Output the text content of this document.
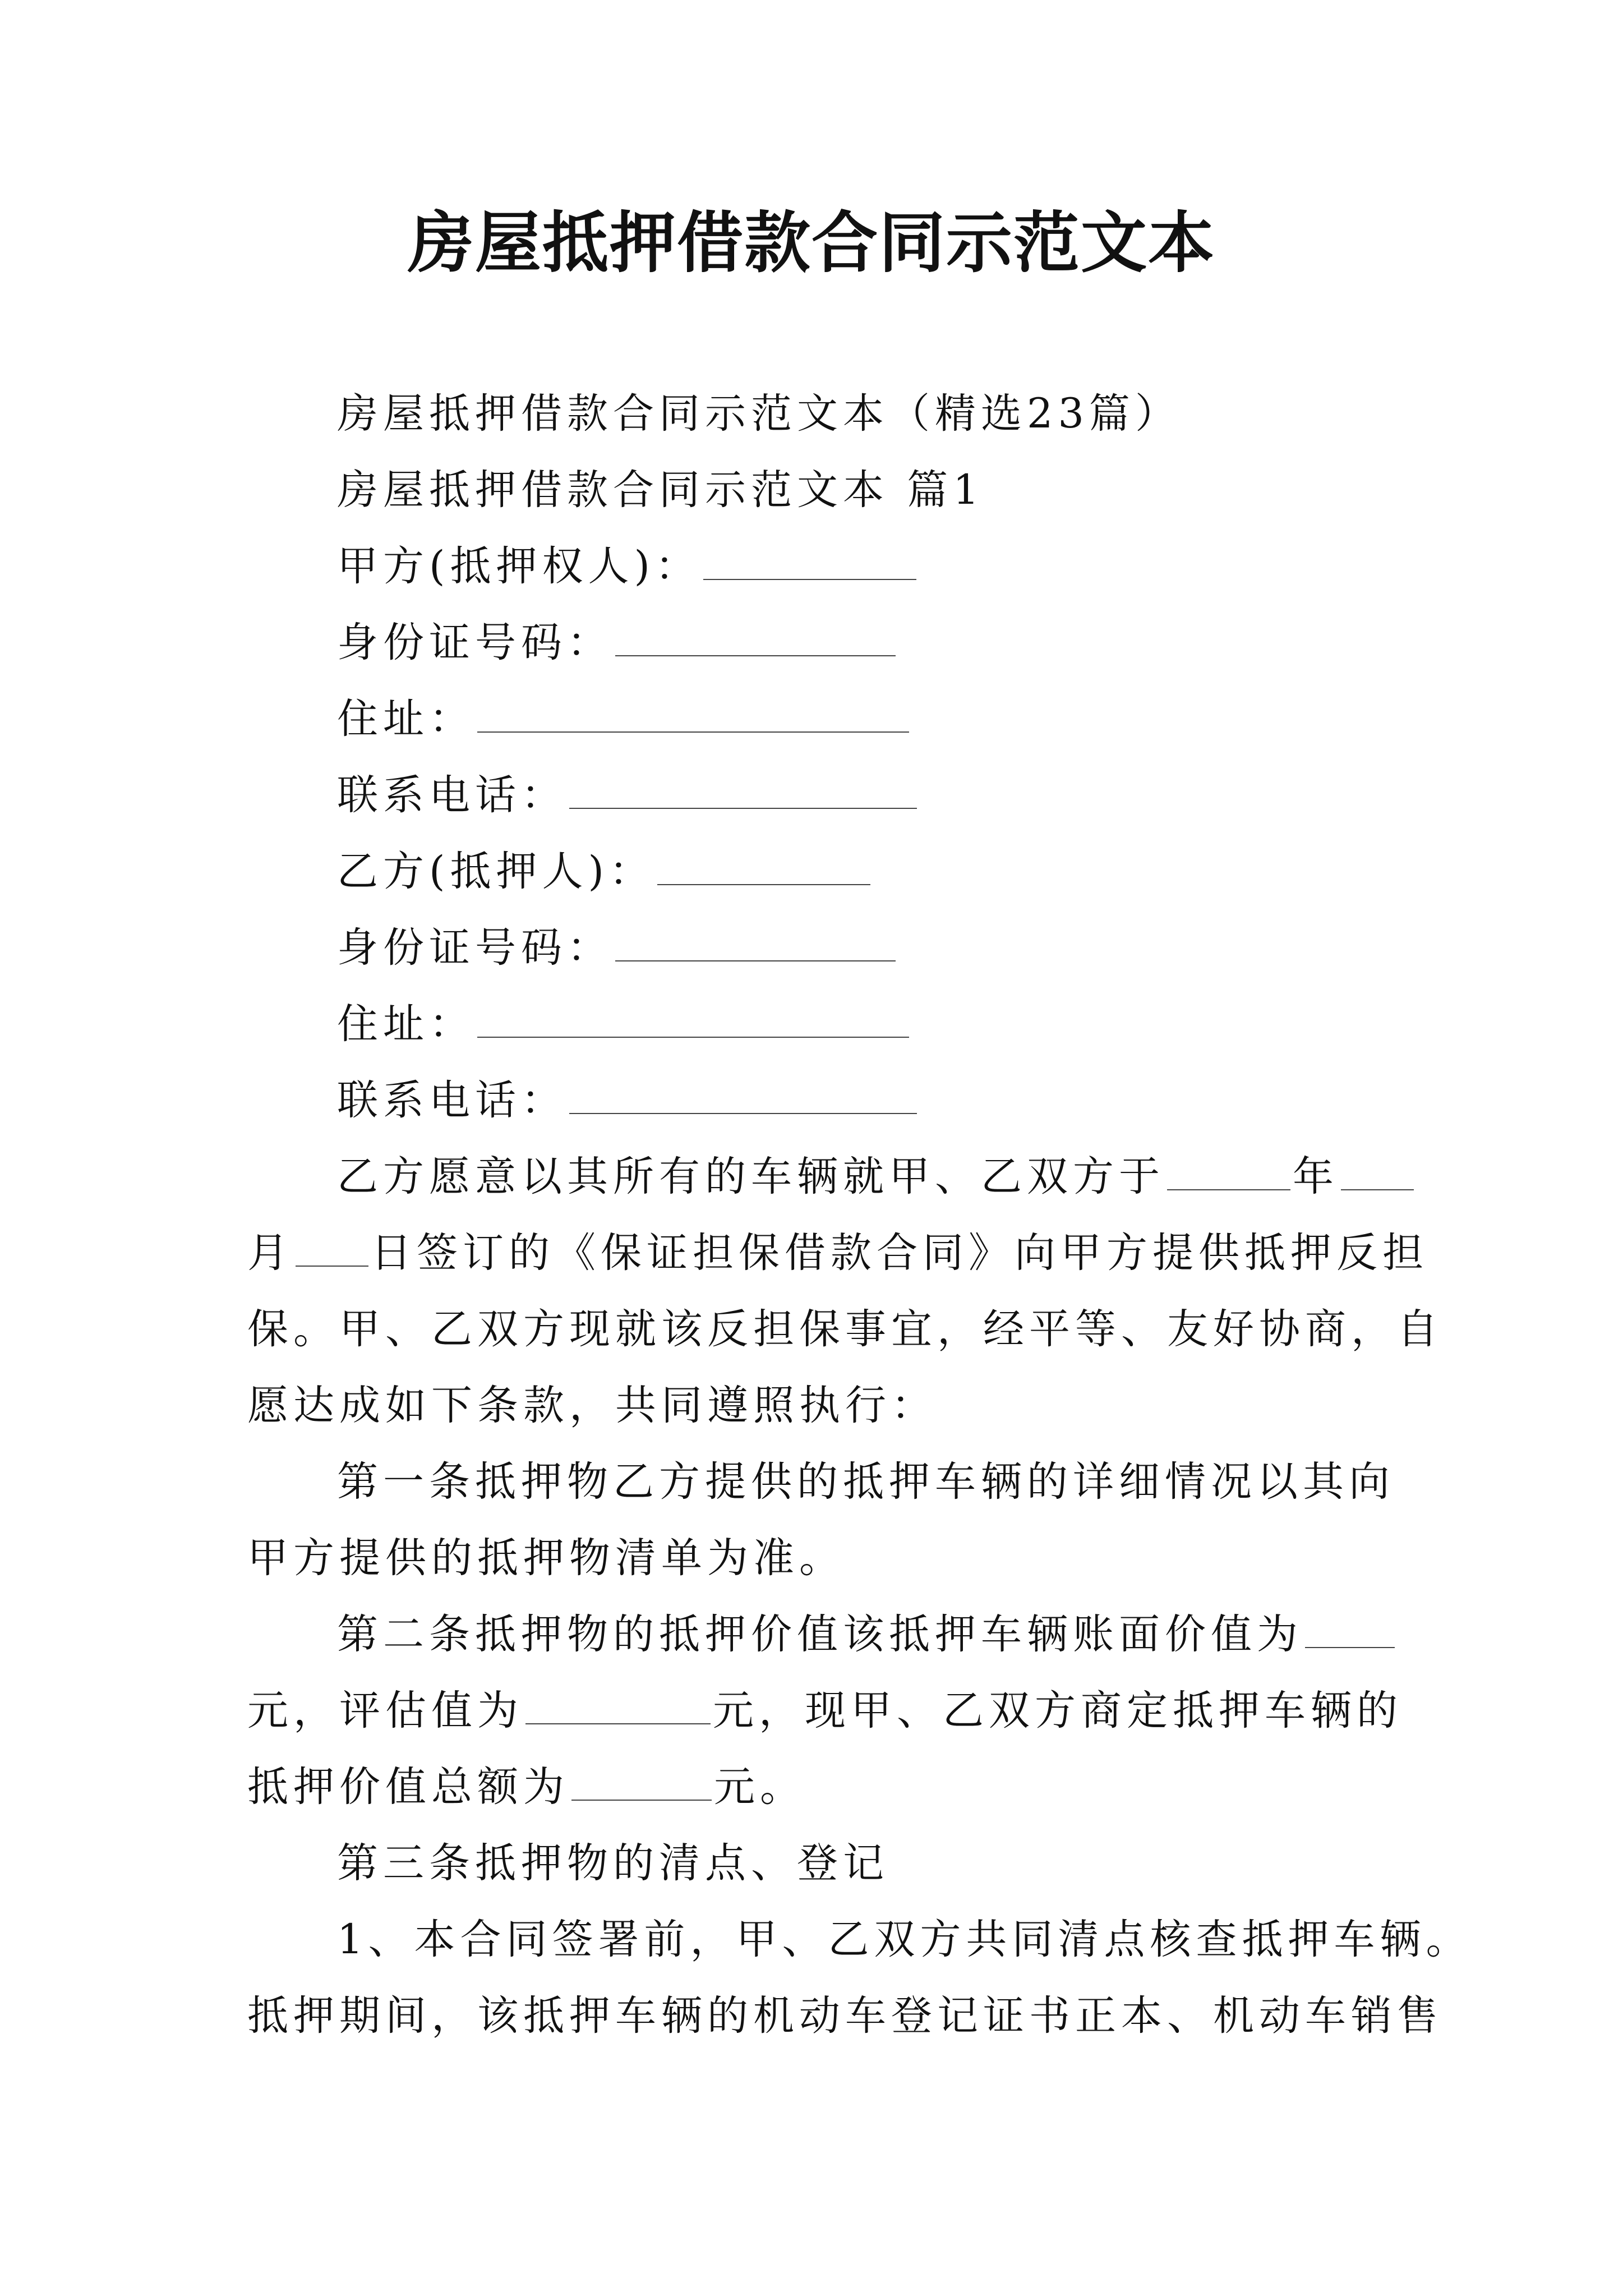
房屋抵押借款合同示范文本
房屋抵押借款合同示范文本（精选23篇）
房屋抵押借款合同示范文本 篇1
甲方(抵押权人)：
身份证号码：
住址：
联系电话：
乙方(抵押人)：
身份证号码：
住址：
联系电话：
乙方愿意以其所有的车辆就甲、乙双方于	年
月 日签订的《保证担保借款合同》向甲方提供抵押反担
保。甲、乙双方现就该反担保事宜，经平等、友好协商，自
愿达成如下条款，共同遵照执行：
第一条抵押物乙方提供的抵押车辆的详细情况以其向
甲方提供的抵押物清单为准。
第二条抵押物的抵押价值该抵押车辆账面价值为
元，评估值为	元，现甲、乙双方商定抵押车辆的
抵押价值总额为	元。
第三条抵押物的清点、登记
1、本合同签署前，甲、乙双方共同清点核查抵押车辆。
抵押期间，该抵押车辆的机动车登记证书正本、机动车销售
